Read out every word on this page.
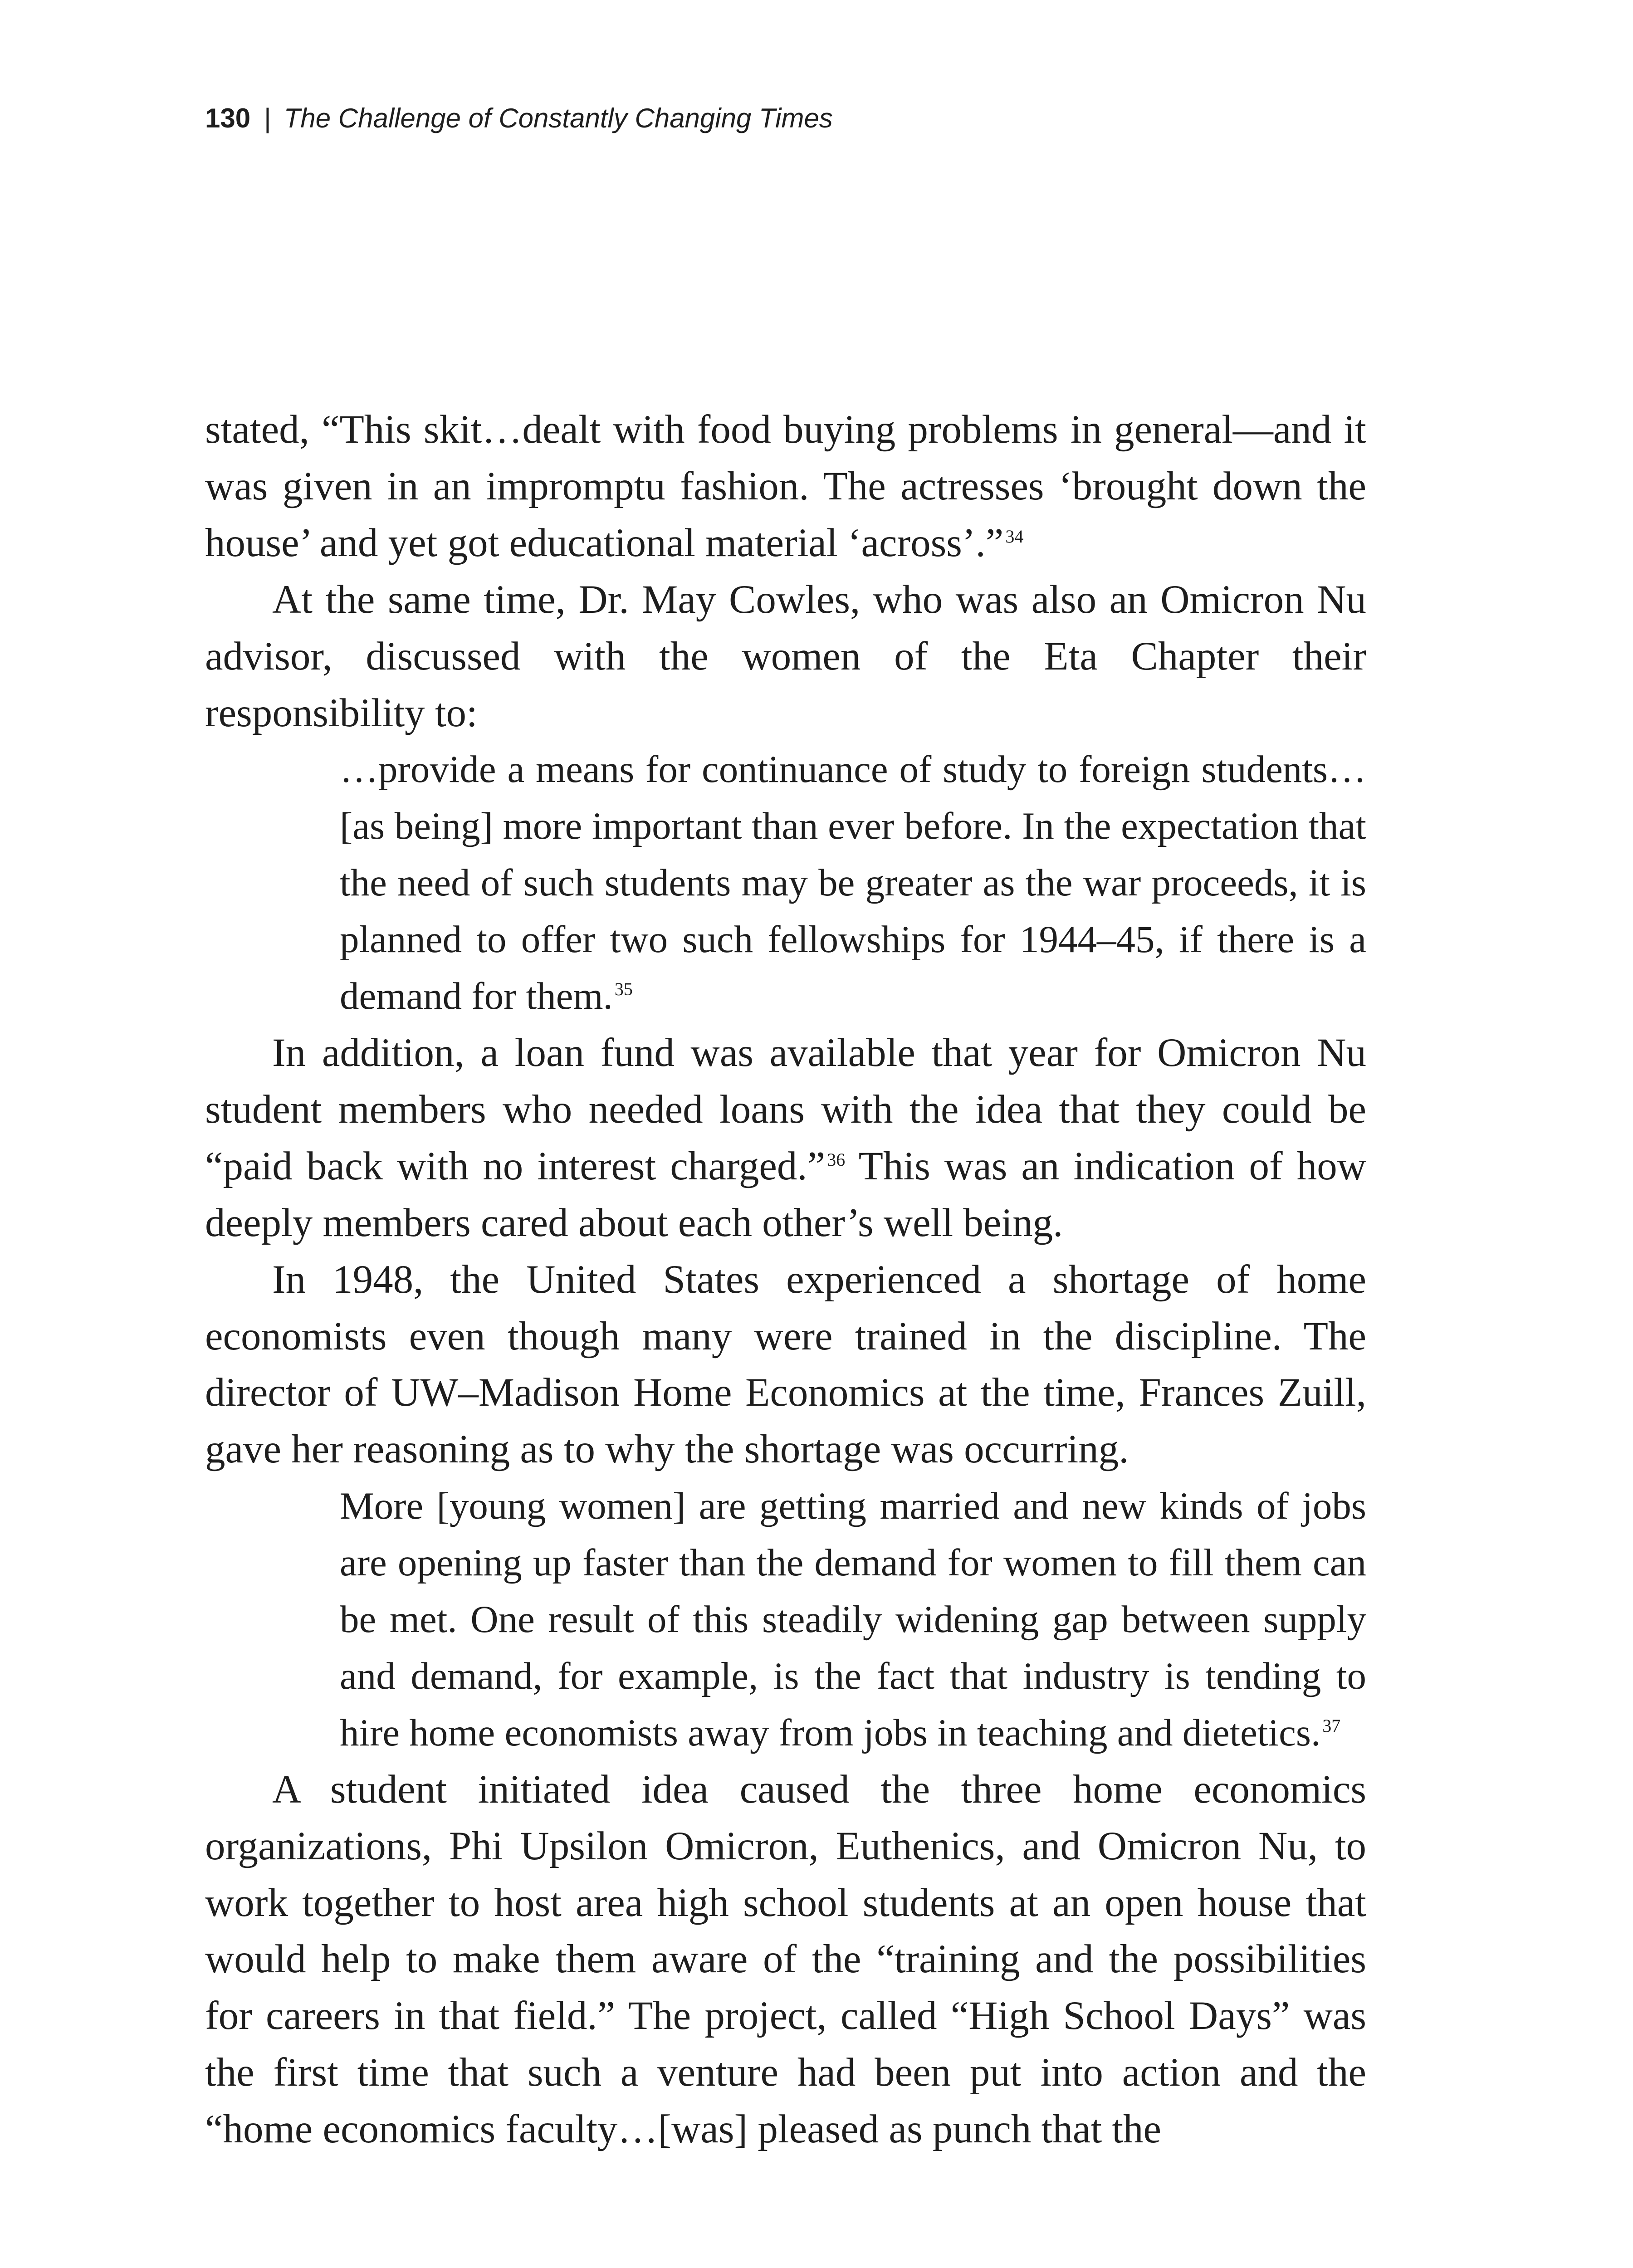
130 | The Challenge of Constantly Changing Times

stated, “This skit…dealt with food buying problems in general—and it was given in an impromptu fashion. The actresses ‘brought down the house’ and yet got educational material ‘across’.” $^{34}$

At the same time, Dr. May Cowles, who was also an Omicron Nu advisor, discussed with the women of the Eta Chapter their responsibility to:

…provide a means for continuance of study to foreign students…[as being] more important than ever before. In the expectation that the need of such students may be greater as the war proceeds, it is planned to offer two such fellowships for 1944–45, if there is a demand for them. $^{35}$

In addition, a loan fund was available that year for Omicron Nu student members who needed loans with the idea that they could be “paid back with no interest charged.” $^{36}$ This was an indication of how deeply members cared about each other’s well being.

In 1948, the United States experienced a shortage of home economists even though many were trained in the discipline. The director of UW–Madison Home Economics at the time, Frances Zuill, gave her reasoning as to why the shortage was occurring.

More [young women] are getting married and new kinds of jobs are opening up faster than the demand for women to fill them can be met. One result of this steadily widening gap between supply and demand, for example, is the fact that industry is tending to hire home economists away from jobs in teaching and dietetics. $^{37}$

A student initiated idea caused the three home economics organizations, Phi Upsilon Omicron, Euthenics, and Omicron Nu, to work together to host area high school students at an open house that would help to make them aware of the “training and the possibilities for careers in that field.” The project, called “High School Days” was the first time that such a venture had been put into action and the “home economics faculty…[was] pleased as punch that the
